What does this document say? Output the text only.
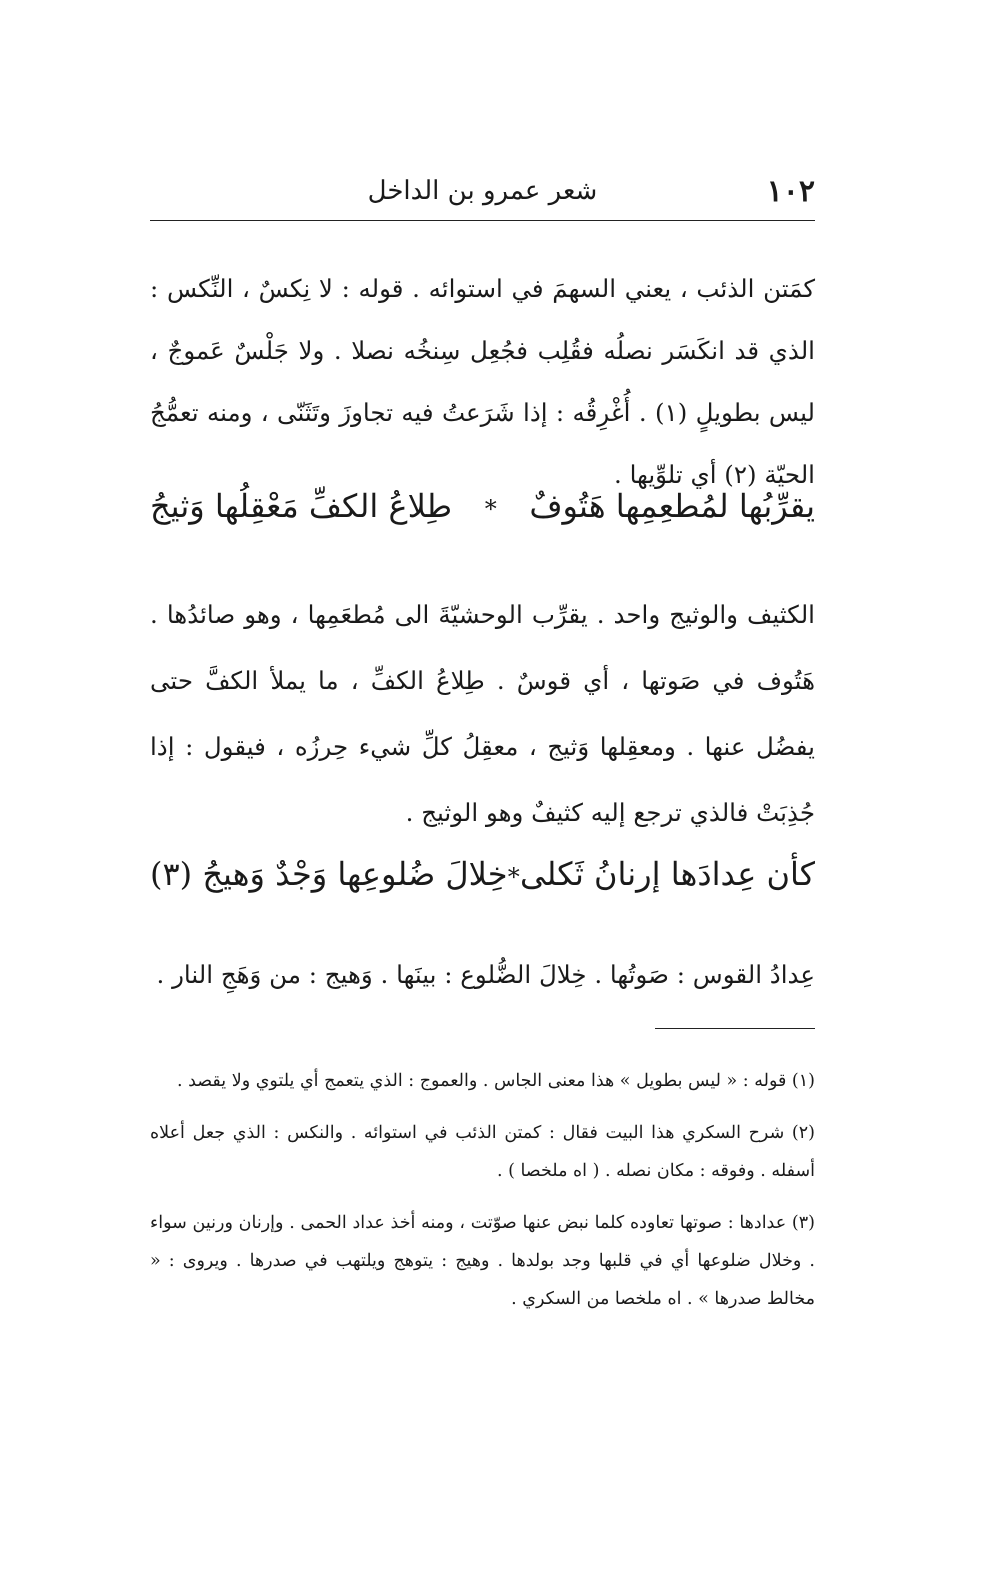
١٠٢
شعر عمرو بن الداخل

كمَتن الذئب ، يعني السهمَ في استوائه . قوله : لا نِكسٌ ، النِّكس : الذي قد انكَسَر نصلُه فقُلِب فجُعِل سِنخُه نصلا . ولا جَلْسٌ عَموجٌ ، ليس بطويلٍ (١) . أُغْرِقُه : إذا شَرَعتُ فيه تجاوزَ وتَثَنّى ، ومنه تعمُّجُ الحيّة (٢) أي تلوِّيها .

يقرِّبُها لمُطعِمِها هَتُوفٌ
*
طِلاعُ الكفِّ مَعْقِلُها وَثيجُ

الكثيف والوثيج واحد . يقرِّب الوحشيّةَ الى مُطعَمِها ، وهو صائدُها . هَتُوف في صَوتها ، أي قوسٌ . طِلاعُ الكفِّ ، ما يملأ الكفَّ حتى يفضُل عنها . ومعقِلها وَثيج ، معقِلُ كلِّ شيء حِرزُه ، فيقول : إذا جُذِبَتْ فالذي ترجع إليه كثيفٌ وهو الوثيج .

كأن عِدادَها إرنانُ ثَكلى
*
خِلالَ ضُلوعِها وَجْدٌ وَهيجُ (٣)

عِدادُ القوس : صَوتُها . خِلالَ الضُّلوع : بينَها . وَهيج : من وَهَجِ النار .

(١) قوله : « ليس بطويل » هذا معنى الجاس . والعموج : الذي يتعمج أي يلتوي ولا يقصد .

(٢) شرح السكري هذا البيت فقال : كمتن الذئب في استوائه . والنكس : الذي جعل أعلاه أسفله . وفوقه : مكان نصله . ( اه ملخصا ) .

(٣) عدادها : صوتها تعاوده كلما نبض عنها صوّتت ، ومنه أخذ عداد الحمى . وإرنان ورنين سواء . وخلال ضلوعها أي في قلبها وجد بولدها . وهيج : يتوهج ويلتهب في صدرها . ويروى : « مخالط صدرها » . اه ملخصا من السكري .
